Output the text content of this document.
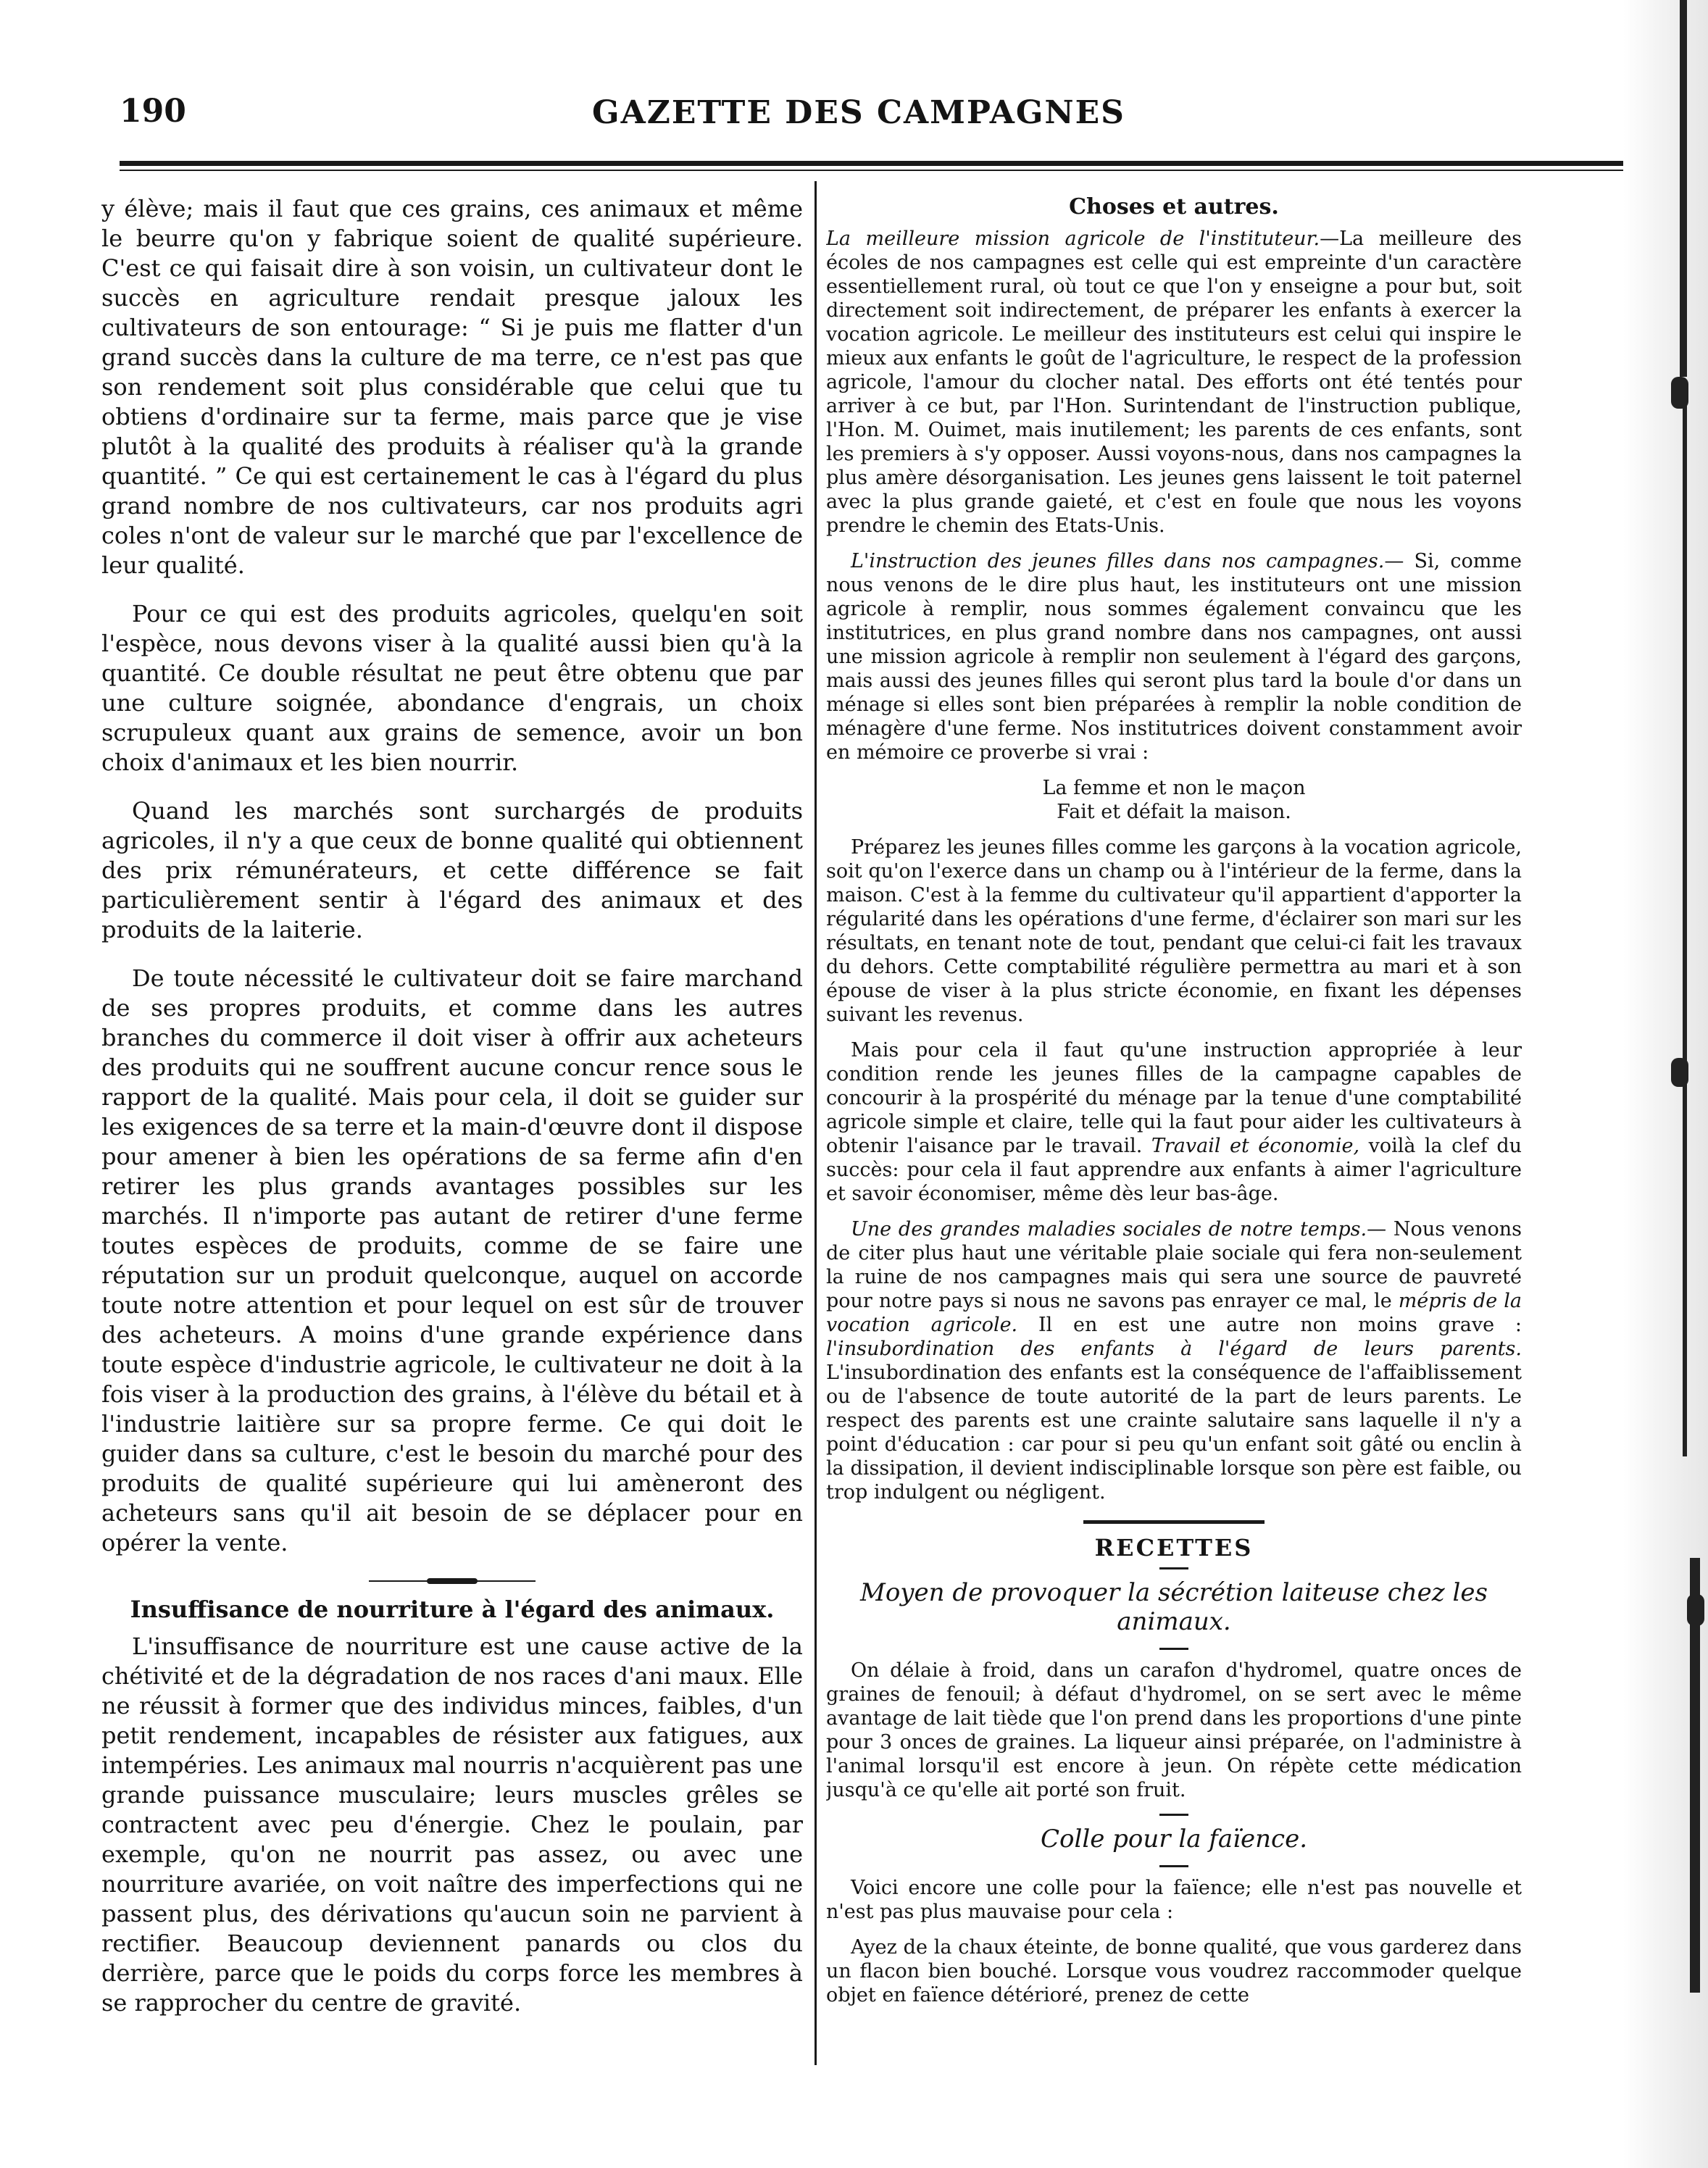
190	GAZETTE DES CAMPAGNES

y élève; mais il faut que ces grains, ces animaux et même le beurre qu'on y fabrique soient de qualité supérieure. C'est ce qui faisait dire à son voisin, un cultivateur dont le succès en agriculture rendait presque jaloux les cultivateurs de son entourage: “ Si je puis me flatter d'un grand succès dans la culture de ma terre, ce n'est pas que son rendement soit plus considérable que celui que tu obtiens d'ordinaire sur ta ferme, mais parce que je vise plutôt à la qualité des produits à réaliser qu'à la grande quantité. ” Ce qui est certainement le cas à l'égard du plus grand nombre de nos cultivateurs, car nos produits agri coles n'ont de valeur sur le marché que par l'excellence de leur qualité.

Pour ce qui est des produits agricoles, quelqu'en soit l'espèce, nous devons viser à la qualité aussi bien qu'à la quantité. Ce double résultat ne peut être obtenu que par une culture soignée, abondance d'engrais, un choix scrupuleux quant aux grains de semence, avoir un bon choix d'animaux et les bien nourrir.

Quand les marchés sont surchargés de produits agricoles, il n'y a que ceux de bonne qualité qui obtiennent des prix rémunérateurs, et cette différence se fait particulièrement sentir à l'égard des animaux et des produits de la laiterie.

De toute nécessité le cultivateur doit se faire marchand de ses propres produits, et comme dans les autres branches du commerce il doit viser à offrir aux acheteurs des produits qui ne souffrent aucune concur rence sous le rapport de la qualité. Mais pour cela, il doit se guider sur les exigences de sa terre et la main-d'œuvre dont il dispose pour amener à bien les opérations de sa ferme afin d'en retirer les plus grands avantages possibles sur les marchés. Il n'importe pas autant de retirer d'une ferme toutes espèces de produits, comme de se faire une réputation sur un produit quelconque, auquel on accorde toute notre attention et pour lequel on est sûr de trouver des acheteurs. A moins d'une grande expérience dans toute espèce d'industrie agricole, le cultivateur ne doit à la fois viser à la production des grains, à l'élève du bétail et à l'industrie laitière sur sa propre ferme. Ce qui doit le guider dans sa culture, c'est le besoin du marché pour des produits de qualité supérieure qui lui amèneront des acheteurs sans qu'il ait besoin de se déplacer pour en opérer la vente.

Insuffisance de nourriture à l'égard des animaux.

L'insuffisance de nourriture est une cause active de la chétivité et de la dégradation de nos races d'ani maux. Elle ne réussit à former que des individus minces, faibles, d'un petit rendement, incapables de résister aux fatigues, aux intempéries. Les animaux mal nourris n'acquièrent pas une grande puissance musculaire; leurs muscles grêles se contractent avec peu d'énergie. Chez le poulain, par exemple, qu'on ne nourrit pas assez, ou avec une nourriture avariée, on voit naître des imperfections qui ne passent plus, des dérivations qu'aucun soin ne parvient à rectifier. Beaucoup deviennent panards ou clos du derrière, parce que le poids du corps force les membres à se rapprocher du centre de gravité.

Choses et autres.

La meilleure mission agricole de l'instituteur.—La meilleure des écoles de nos campagnes est celle qui est empreinte d'un caractère essentiellement rural, où tout ce que l'on y enseigne a pour but, soit directement soit indirectement, de préparer les enfants à exercer la vocation agricole. Le meilleur des instituteurs est celui qui inspire le mieux aux enfants le goût de l'agriculture, le respect de la profession agricole, l'amour du clocher natal. Des efforts ont été tentés pour arriver à ce but, par l'Hon. Surintendant de l'instruction publique, l'Hon. M. Ouimet, mais inutilement; les parents de ces enfants, sont les premiers à s'y opposer. Aussi voyons-nous, dans nos campagnes la plus amère désorganisation. Les jeunes gens laissent le toit paternel avec la plus grande gaieté, et c'est en foule que nous les voyons prendre le chemin des Etats-Unis.

L'instruction des jeunes filles dans nos campagnes.— Si, comme nous venons de le dire plus haut, les instituteurs ont une mission agricole à remplir, nous sommes également convaincu que les institutrices, en plus grand nombre dans nos campagnes, ont aussi une mission agricole à remplir non seulement à l'égard des garçons, mais aussi des jeunes filles qui seront plus tard la boule d'or dans un ménage si elles sont bien préparées à remplir la noble condition de ménagère d'une ferme. Nos institutrices doivent constamment avoir en mémoire ce proverbe si vrai :

La femme et non le maçon
Fait et défait la maison.

Préparez les jeunes filles comme les garçons à la vocation agricole, soit qu'on l'exerce dans un champ ou à l'intérieur de la ferme, dans la maison. C'est à la femme du cultivateur qu'il appartient d'apporter la régularité dans les opérations d'une ferme, d'éclairer son mari sur les résultats, en tenant note de tout, pendant que celui-ci fait les travaux du dehors. Cette comptabilité régulière permettra au mari et à son épouse de viser à la plus stricte économie, en fixant les dépenses suivant les revenus.

Mais pour cela il faut qu'une instruction appropriée à leur condition rende les jeunes filles de la campagne capables de concourir à la prospérité du ménage par la tenue d'une comptabilité agricole simple et claire, telle qui la faut pour aider les cultivateurs à obtenir l'aisance par le travail. Travail et économie, voilà la clef du succès: pour cela il faut apprendre aux enfants à aimer l'agriculture et savoir économiser, même dès leur bas-âge.

Une des grandes maladies sociales de notre temps.— Nous venons de citer plus haut une véritable plaie sociale qui fera non-seulement la ruine de nos campagnes mais qui sera une source de pauvreté pour notre pays si nous ne savons pas enrayer ce mal, le mépris de la vocation agricole. Il en est une autre non moins grave : l'insubordination des enfants à l'égard de leurs parents. L'insubordination des enfants est la conséquence de l'affaiblissement ou de l'absence de toute autorité de la part de leurs parents. Le respect des parents est une crainte salutaire sans laquelle il n'y a point d'éducation : car pour si peu qu'un enfant soit gâté ou enclin à la dissipation, il devient indisciplinable lorsque son père est faible, ou trop indulgent ou négligent.

RECETTES
Moyen de provoquer la sécrétion laiteuse chez les animaux.

On délaie à froid, dans un carafon d'hydromel, quatre onces de graines de fenouil; à défaut d'hydromel, on se sert avec le même avantage de lait tiède que l'on prend dans les proportions d'une pinte pour 3 onces de graines. La liqueur ainsi préparée, on l'administre à l'animal lorsqu'il est encore à jeun. On répète cette médication jusqu'à ce qu'elle ait porté son fruit.

Colle pour la faïence.

Voici encore une colle pour la faïence; elle n'est pas nouvelle et n'est pas plus mauvaise pour cela :

Ayez de la chaux éteinte, de bonne qualité, que vous garderez dans un flacon bien bouché. Lorsque vous voudrez raccommoder quelque objet en faïence détérioré, prenez de cette
